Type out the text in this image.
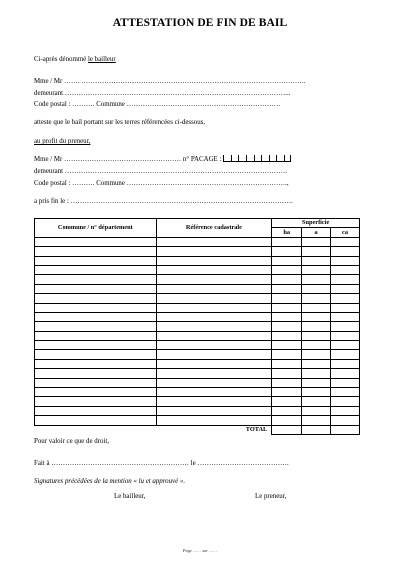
ATTESTATION DE FIN DE BAIL
Ci-après dénommé le bailleur
Mme / Mr ……. ……………………………………………………………………………………..
demeurant ……………………………………………………………………………………...
Code postal : ………. Commune ………………………………………………………….
atteste que le bail portant sur les terres référencées ci-dessous,
au profit du preneur,
Mme / Mr …………………………………………… n° PACAGE :
demeurant …………………………………………………………………………………….
Code postal : ………. Commune …………………………………………………………….,
a pris fin le : …………………………………………………………………………………….
Commune / n° département	Référence cadastrale	Superficie		
		ha	a	ca

	TOTAL			
Pour valoir ce que de droit,
Fait à …………………………………………………… le ………………………………….
Signatures précédées de la mention « lu et approuvé ».
Le bailleur,	Le preneur,
Page …… sur ……
